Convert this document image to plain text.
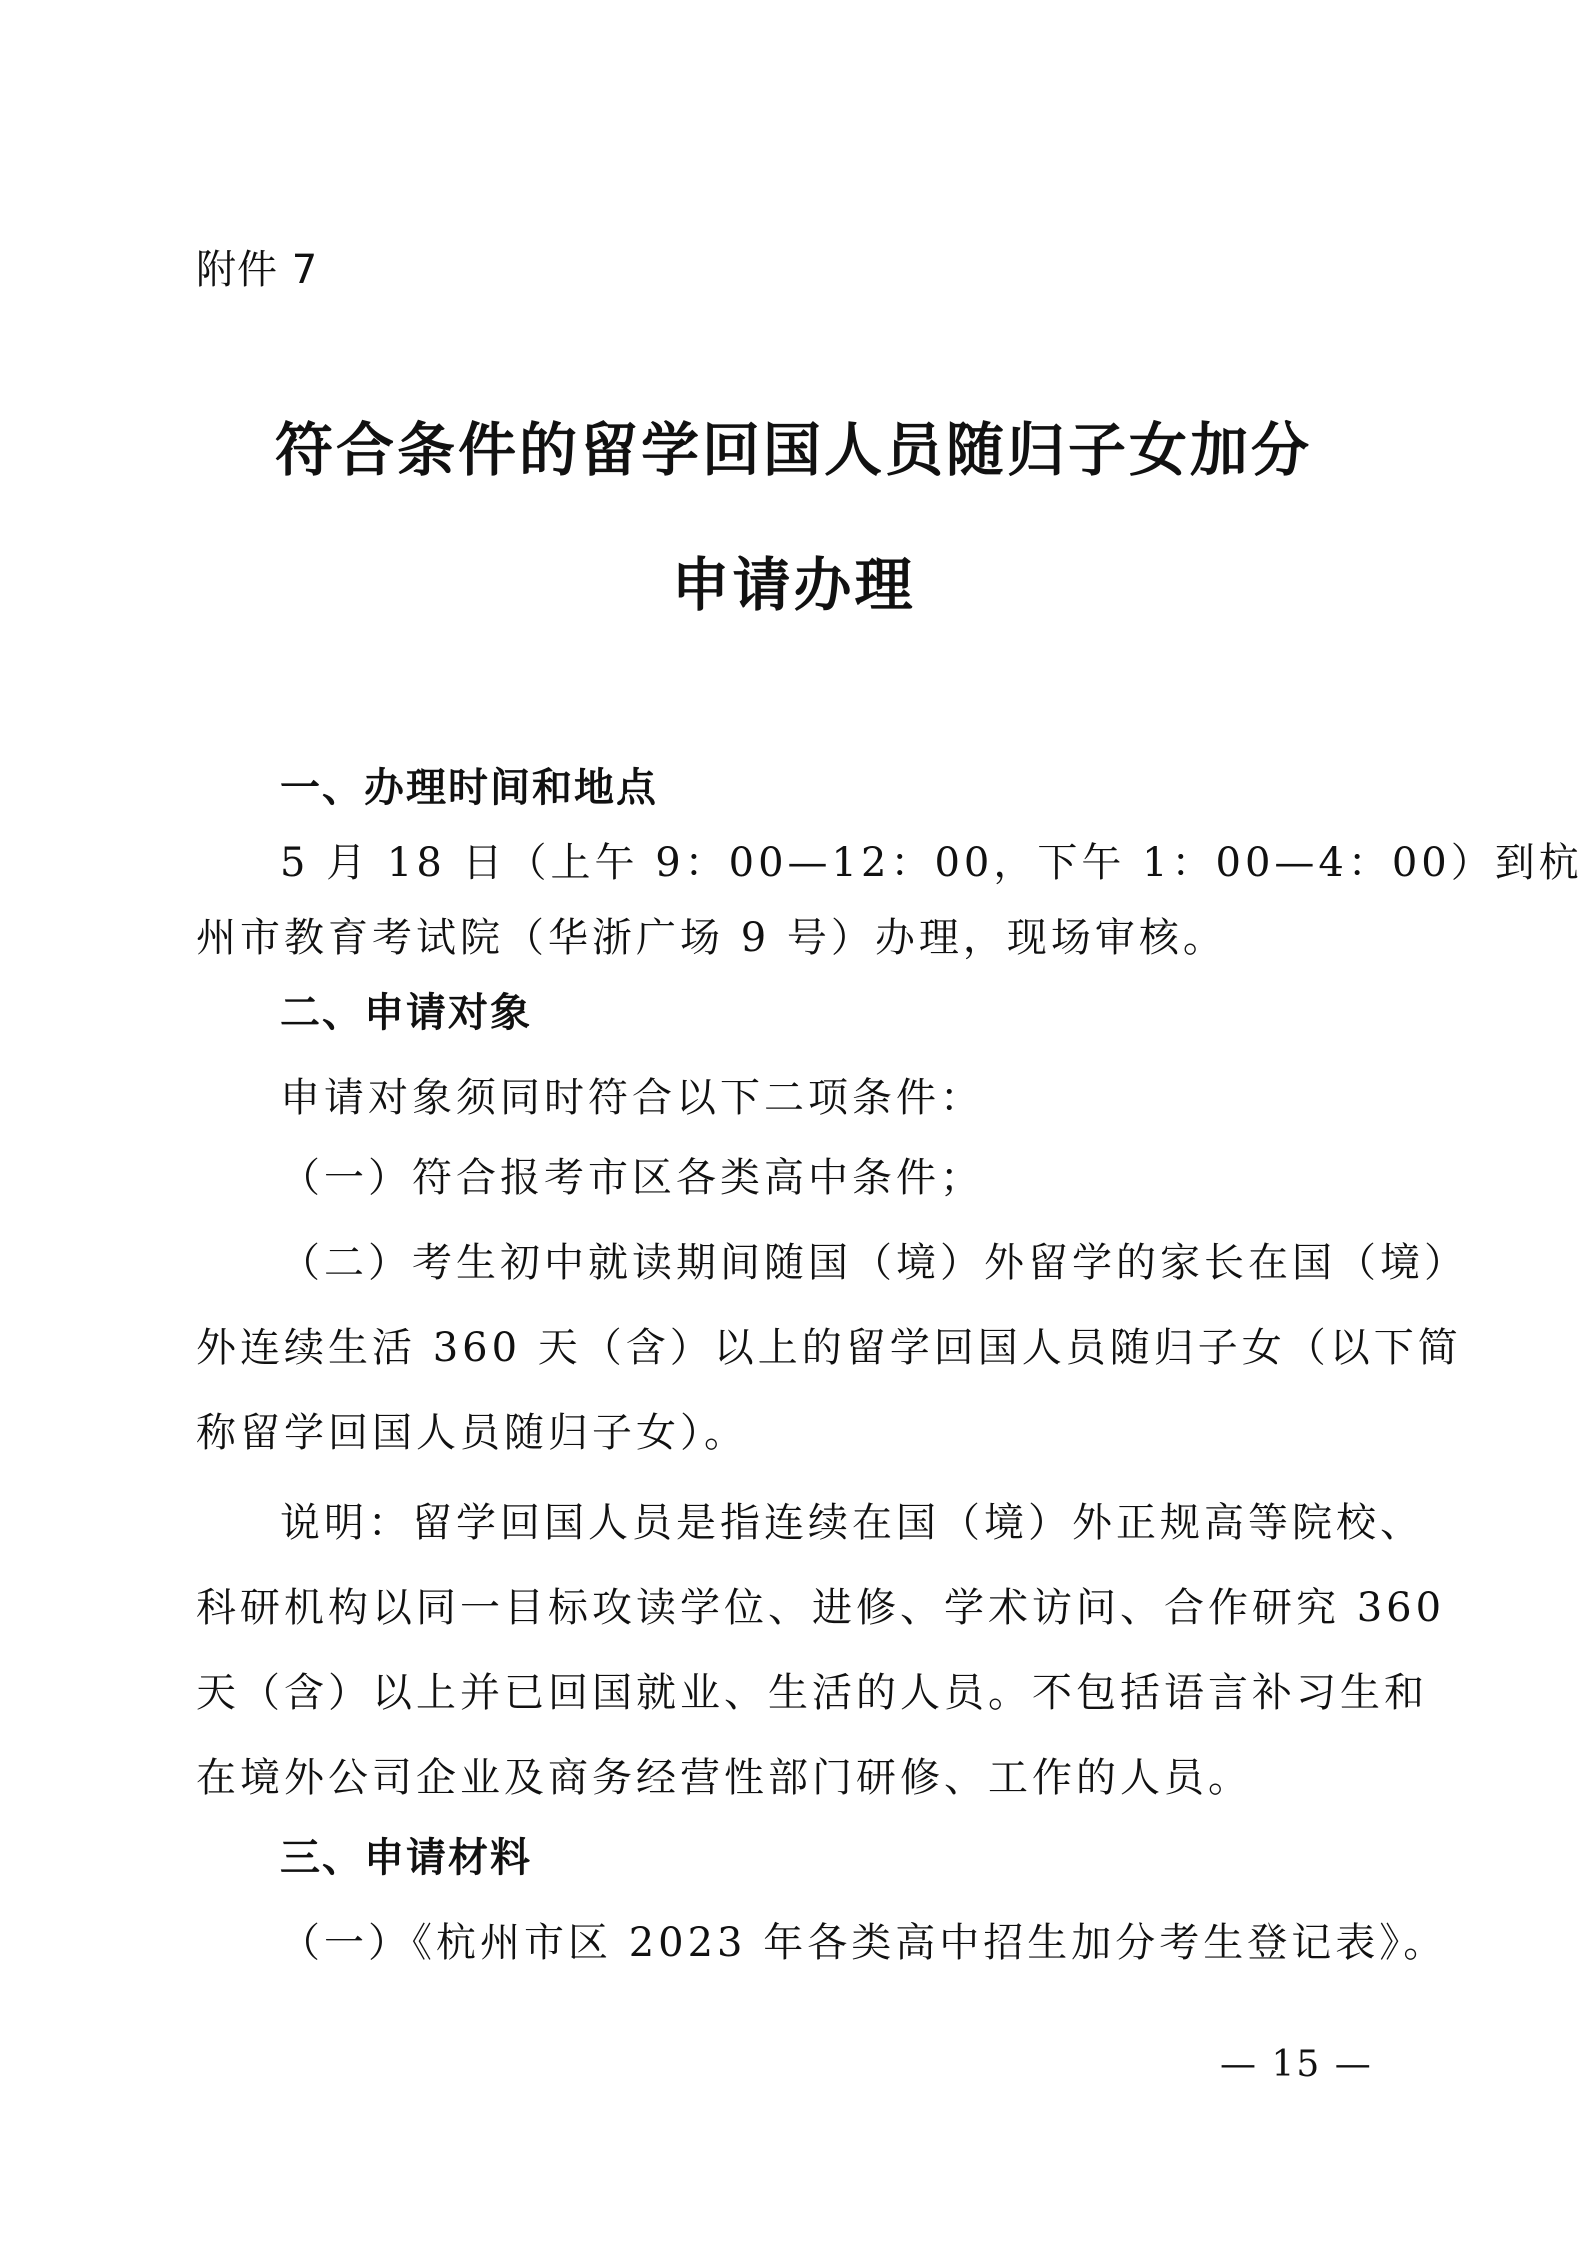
附件 7
符合条件的留学回国人员随归子女加分
申请办理
一、办理时间和地点
5 月 18 日（上午 9：00—12：00，下午 1：00—4：00）到杭
州市教育考试院（华浙广场 9 号）办理，现场审核。
二、申请对象
申请对象须同时符合以下二项条件：
（一）符合报考市区各类高中条件；
（二）考生初中就读期间随国（境）外留学的家长在国（境）
外连续生活 360 天（含）以上的留学回国人员随归子女（以下简
称留学回国人员随归子女）。
说明：留学回国人员是指连续在国（境）外正规高等院校、
科研机构以同一目标攻读学位、进修、学术访问、合作研究 360
天（含）以上并已回国就业、生活的人员。不包括语言补习生和
在境外公司企业及商务经营性部门研修、工作的人员。
三、申请材料
（一）《杭州市区 2023 年各类高中招生加分考生登记表》。
— 15 —
